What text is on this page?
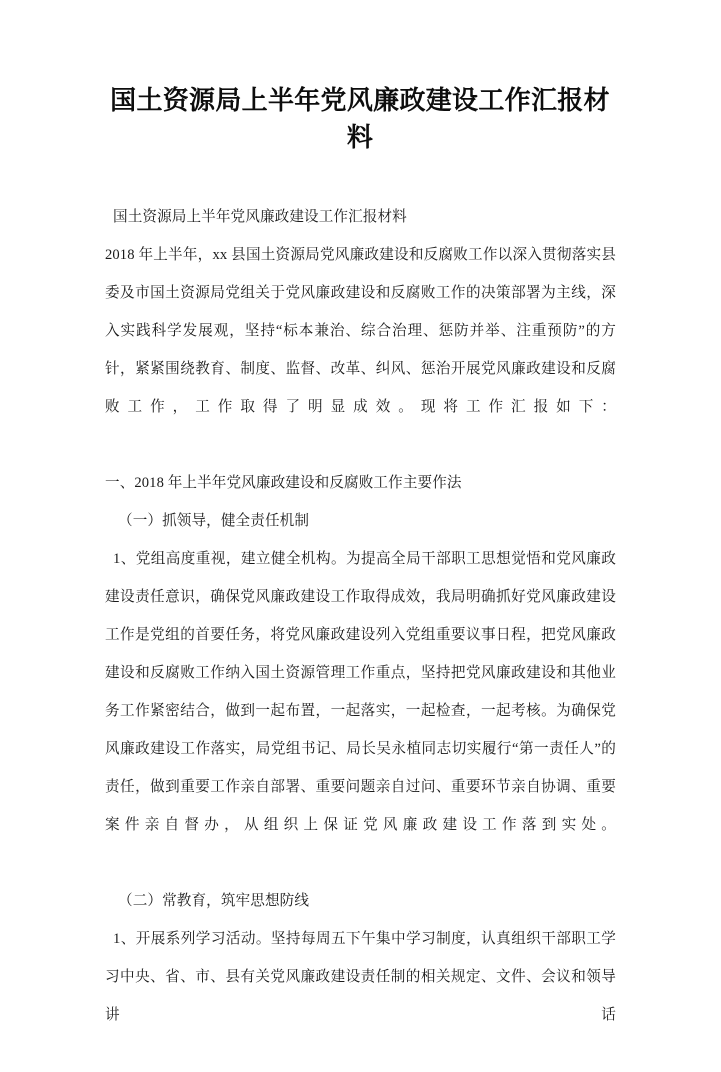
国土资源局上半年党风廉政建设工作汇报材料

国土资源局上半年党风廉政建设工作汇报材料

2018 年上半年，xx 县国土资源局党风廉政建设和反腐败工作以深入贯彻落实县委及市国土资源局党组关于党风廉政建设和反腐败工作的决策部署为主线，深入实践科学发展观，坚持“标本兼治、综合治理、惩防并举、注重预防”的方针，紧紧围绕教育、制度、监督、改革、纠风、惩治开展党风廉政建设和反腐败工作，工作取得了明显成效。现将工作汇报如下：

一、2018 年上半年党风廉政建设和反腐败工作主要作法

（一）抓领导，健全责任机制

1、党组高度重视，建立健全机构。为提高全局干部职工思想觉悟和党风廉政建设责任意识，确保党风廉政建设工作取得成效，我局明确抓好党风廉政建设工作是党组的首要任务，将党风廉政建设列入党组重要议事日程，把党风廉政建设和反腐败工作纳入国土资源管理工作重点，坚持把党风廉政建设和其他业务工作紧密结合，做到一起布置，一起落实，一起检查，一起考核。为确保党风廉政建设工作落实，局党组书记、局长吴永植同志切实履行“第一责任人”的责任，做到重要工作亲自部署、重要问题亲自过问、重要环节亲自协调、重要案件亲自督办，从组织上保证党风廉政建设工作落到实处。

（二）常教育，筑牢思想防线

1、开展系列学习活动。坚持每周五下午集中学习制度，认真组织干部职工学习中央、省、市、县有关党风廉政建设责任制的相关规定、文件、会议和领导讲话
